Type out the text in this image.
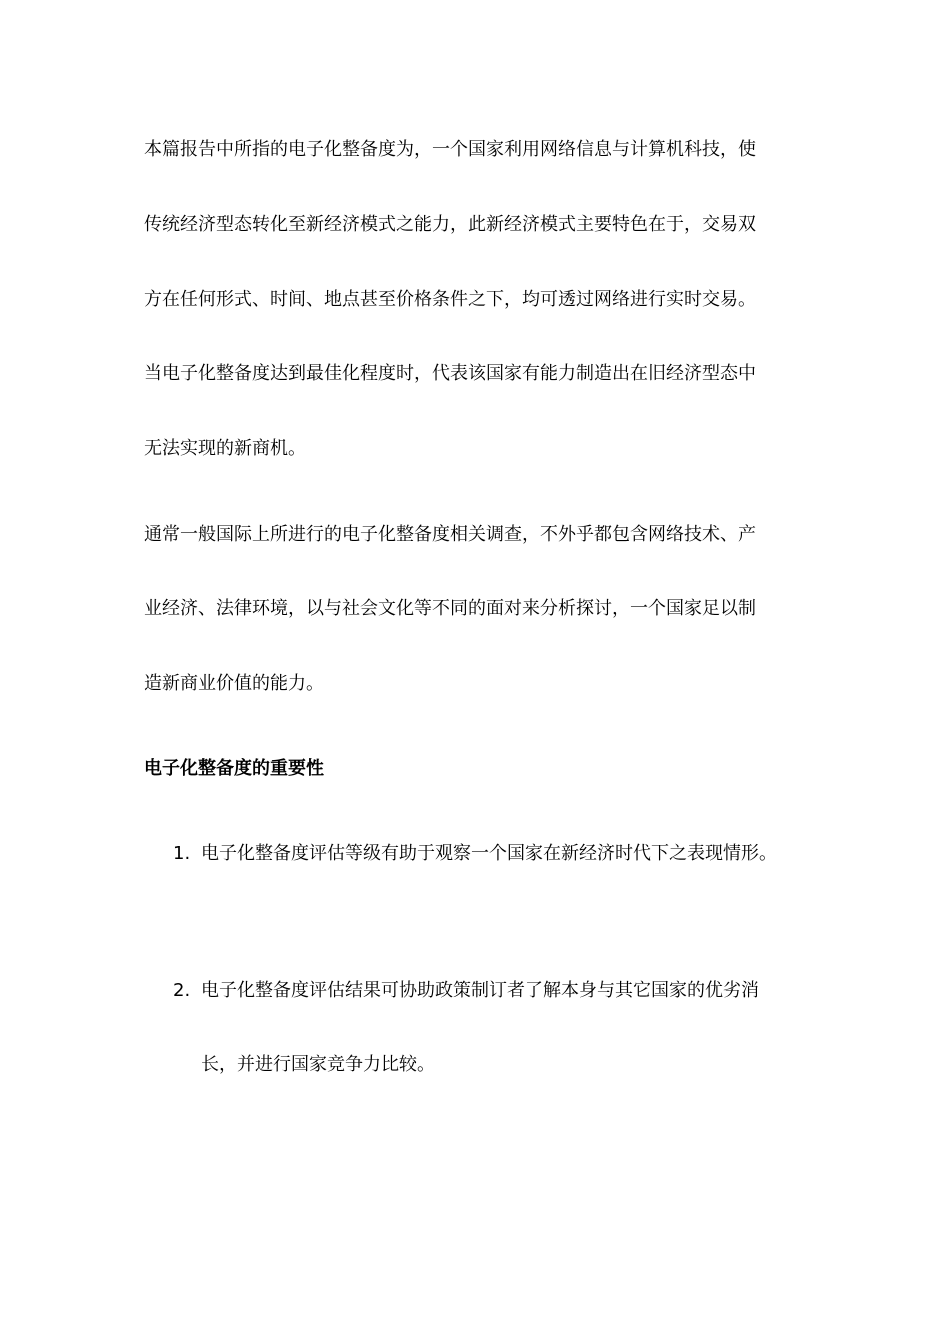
本篇报告中所指的电子化整备度为，一个国家利用网络信息与计算机科技，使
传统经济型态转化至新经济模式之能力，此新经济模式主要特色在于，交易双
方在任何形式、时间、地点甚至价格条件之下，均可透过网络进行实时交易。
当电子化整备度达到最佳化程度时，代表该国家有能力制造出在旧经济型态中
无法实现的新商机。
通常一般国际上所进行的电子化整备度相关调查，不外乎都包含网络技术、产
业经济、法律环境，以与社会文化等不同的面对来分析探讨，一个国家足以制
造新商业价值的能力。
电子化整备度的重要性
1. 电子化整备度评估等级有助于观察一个国家在新经济时代下之表现情形。
2. 电子化整备度评估结果可协助政策制订者了解本身与其它国家的优劣消
长，并进行国家竞争力比较。
